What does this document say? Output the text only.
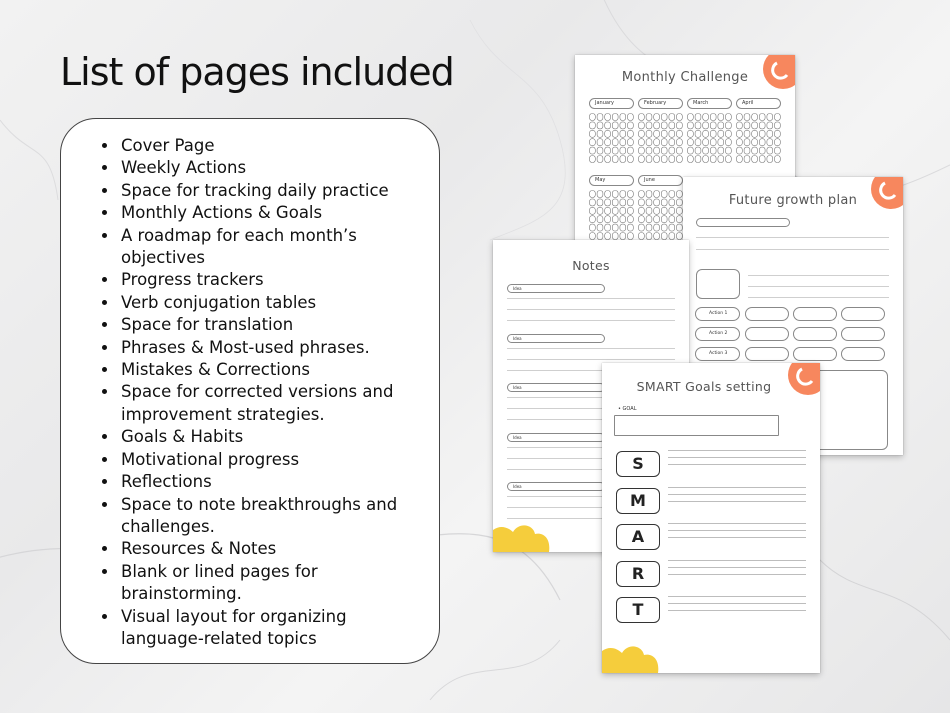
List of pages included
• Cover Page
• Weekly Actions
• Space for tracking daily practice
• Monthly Actions & Goals
• A roadmap for each month’s objectives
• Progress trackers
• Verb conjugation tables
• Space for translation
• Phrases & Most-used phrases.
• Mistakes & Corrections
• Space for corrected versions and improvement strategies.
• Goals & Habits
• Motivational progress
• Reflections
• Space to note breakthroughs and challenges.
• Resources & Notes
• Blank or lined pages for brainstorming.
• Visual layout for organizing language-related topics
Monthly Challenge
January	February	March	April
May	June
Future growth plan
Action 1
Action 2
Action 3
Notes
Idea
Idea
Idea
Idea
Idea
SMART Goals setting
• GOAL
S
M
A
R
T
